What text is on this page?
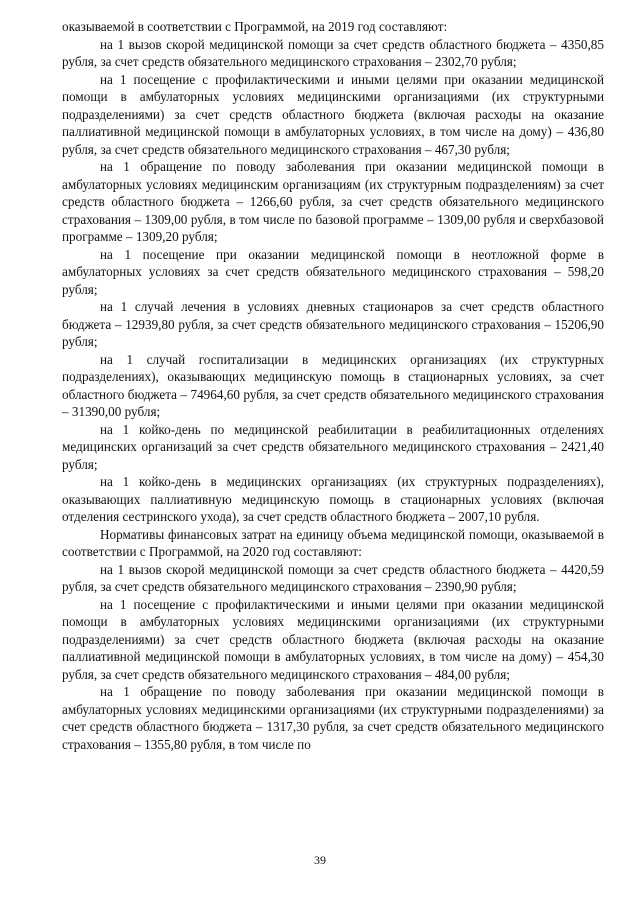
оказываемой в соответствии с Программой, на 2019 год составляют:

на 1 вызов скорой медицинской помощи за счет средств областного бюджета – 4350,85 рубля, за счет средств обязательного медицинского страхования – 2302,70 рубля;

на 1 посещение с профилактическими и иными целями при оказании медицинской помощи в амбулаторных условиях медицинскими организациями (их структурными подразделениями) за счет средств областного бюджета (включая расходы на оказание паллиативной медицинской помощи в амбулаторных условиях, в том числе на дому) – 436,80 рубля, за счет средств обязательного медицинского страхования – 467,30 рубля;

на 1 обращение по поводу заболевания при оказании медицинской помощи в амбулаторных условиях медицинским организациям (их структурным подразделениям) за счет средств областного бюджета – 1266,60 рубля, за счет средств обязательного медицинского страхования – 1309,00 рубля, в том числе по базовой программе – 1309,00 рубля и сверхбазовой программе – 1309,20 рубля;

на 1 посещение при оказании медицинской помощи в неотложной форме в амбулаторных условиях за счет средств обязательного медицинского страхования – 598,20 рубля;

на 1 случай лечения в условиях дневных стационаров за счет средств областного бюджета – 12939,80 рубля, за счет средств обязательного медицинского страхования – 15206,90 рубля;

на 1 случай госпитализации в медицинских организациях (их структурных подразделениях), оказывающих медицинскую помощь в стационарных условиях, за счет областного бюджета – 74964,60 рубля, за счет средств обязательного медицинского страхования – 31390,00 рубля;

на 1 койко-день по медицинской реабилитации в реабилитационных отделениях медицинских организаций за счет средств обязательного медицинского страхования – 2421,40 рубля;

на 1 койко-день в медицинских организациях (их структурных подразделениях), оказывающих паллиативную медицинскую помощь в стационарных условиях (включая отделения сестринского ухода), за счет средств областного бюджета – 2007,10 рубля.

Нормативы финансовых затрат на единицу объема медицинской помощи, оказываемой в соответствии с Программой, на 2020 год составляют:

на 1 вызов скорой медицинской помощи за счет средств областного бюджета – 4420,59 рубля, за счет средств обязательного медицинского страхования – 2390,90 рубля;

на 1 посещение с профилактическими и иными целями при оказании медицинской помощи в амбулаторных условиях медицинскими организациями (их структурными подразделениями) за счет средств областного бюджета (включая расходы на оказание паллиативной медицинской помощи в амбулаторных условиях, в том числе на дому) – 454,30 рубля, за счет средств обязательного медицинского страхования – 484,00 рубля;

на 1 обращение по поводу заболевания при оказании медицинской помощи в амбулаторных условиях медицинскими организациями (их структурными подразделениями) за счет средств областного бюджета – 1317,30 рубля, за счет средств обязательного медицинского страхования – 1355,80 рубля, в том числе по

39
